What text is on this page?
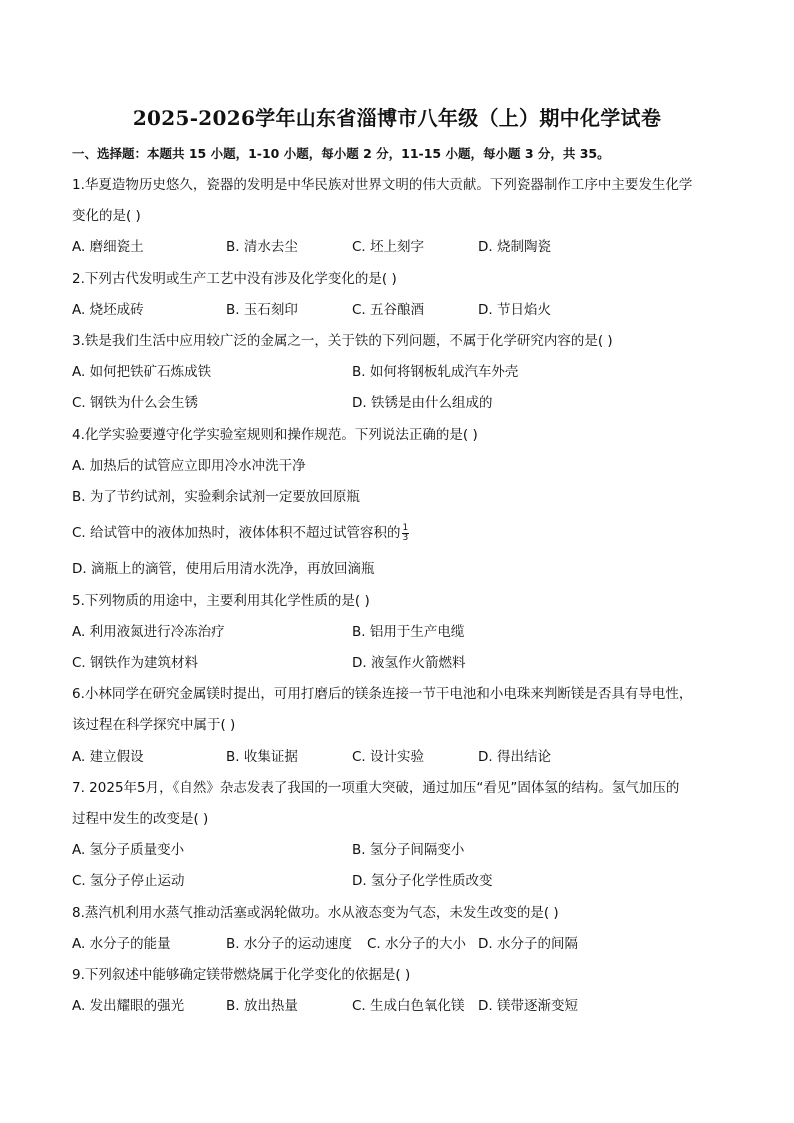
2025-2026学年山东省淄博市八年级（上）期中化学试卷
一、选择题：本题共 15 小题，1-10 小题，每小题 2 分，11-15 小题，每小题 3 分，共 35。
1.华夏造物历史悠久，瓷器的发明是中华民族对世界文明的伟大贡献。下列瓷器制作工序中主要发生化学
变化的是( )
A. 磨细瓷土	B. 清水去尘	C. 坯上刻字	D. 烧制陶瓷
2.下列古代发明或生产工艺中没有涉及化学变化的是( )
A. 烧坯成砖	B. 玉石刻印	C. 五谷酿酒	D. 节日焰火
3.铁是我们生活中应用较广泛的金属之一，关于铁的下列问题，不属于化学研究内容的是( )
A. 如何把铁矿石炼成铁	B. 如何将钢板轧成汽车外壳
C. 钢铁为什么会生锈	D. 铁锈是由什么组成的
4.化学实验要遵守化学实验室规则和操作规范。下列说法正确的是( )
A. 加热后的试管应立即用冷水冲洗干净
B. 为了节约试剂，实验剩余试剂一定要放回原瓶
C. 给试管中的液体加热时，液体体积不超过试管容积的 $\frac{1}{3}$
D. 滴瓶上的滴管，使用后用清水洗净，再放回滴瓶
5.下列物质的用途中，主要利用其化学性质的是( )
A. 利用液氮进行冷冻治疗	B. 铝用于生产电缆
C. 钢铁作为建筑材料	D. 液氢作火箭燃料
6.小林同学在研究金属镁时提出，可用打磨后的镁条连接一节干电池和小电珠来判断镁是否具有导电性，
该过程在科学探究中属于( )
A. 建立假设	B. 收集证据	C. 设计实验	D. 得出结论
7. 2025年5月，《自然》杂志发表了我国的一项重大突破，通过加压“看见”固体氢的结构。氢气加压的
过程中发生的改变是( )
A. 氢分子质量变小	B. 氢分子间隔变小
C. 氢分子停止运动	D. 氢分子化学性质改变
8.蒸汽机利用水蒸气推动活塞或涡轮做功。水从液态变为气态，未发生改变的是( )
A. 水分子的能量	B. 水分子的运动速度 C. 水分子的大小 D. 水分子的间隔
9.下列叙述中能够确定镁带燃烧属于化学变化的依据是( )
A. 发出耀眼的强光	B. 放出热量	C. 生成白色氧化镁 D. 镁带逐渐变短
